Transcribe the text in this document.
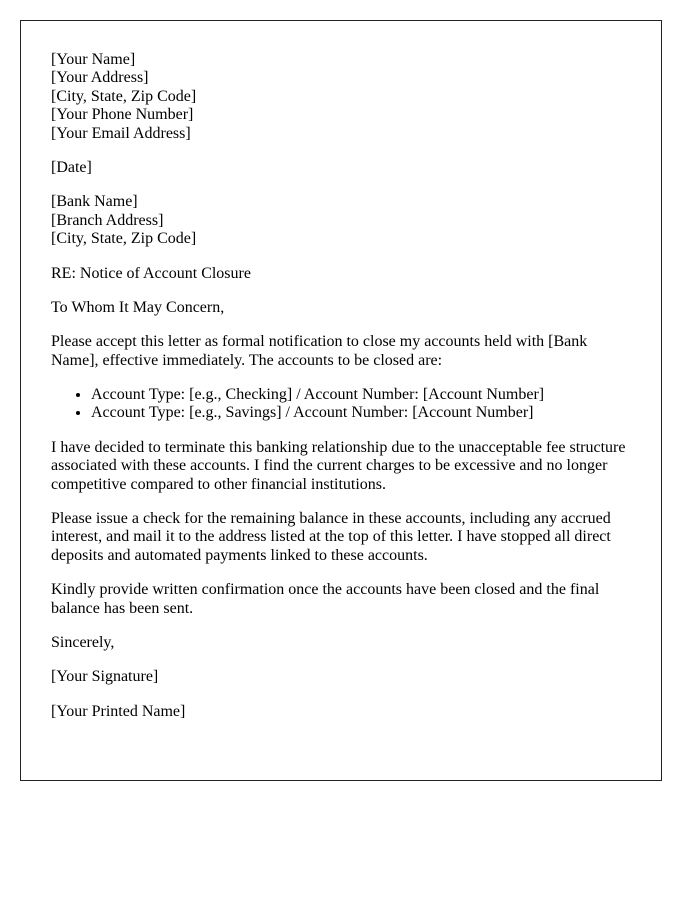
[Your Name]
[Your Address]
[City, State, Zip Code]
[Your Phone Number]
[Your Email Address]
[Date]
[Bank Name]
[Branch Address]
[City, State, Zip Code]

RE: Notice of Account Closure

To Whom It May Concern,

Please accept this letter as formal notification to close my accounts held with [Bank Name], effective immediately. The accounts to be closed are:

• Account Type: [e.g., Checking] / Account Number: [Account Number]
• Account Type: [e.g., Savings] / Account Number: [Account Number]

I have decided to terminate this banking relationship due to the unacceptable fee structure associated with these accounts. I find the current charges to be excessive and no longer competitive compared to other financial institutions.

Please issue a check for the remaining balance in these accounts, including any accrued interest, and mail it to the address listed at the top of this letter. I have stopped all direct deposits and automated payments linked to these accounts.

Kindly provide written confirmation once the accounts have been closed and the final balance has been sent.

Sincerely,

[Your Signature]

[Your Printed Name]
